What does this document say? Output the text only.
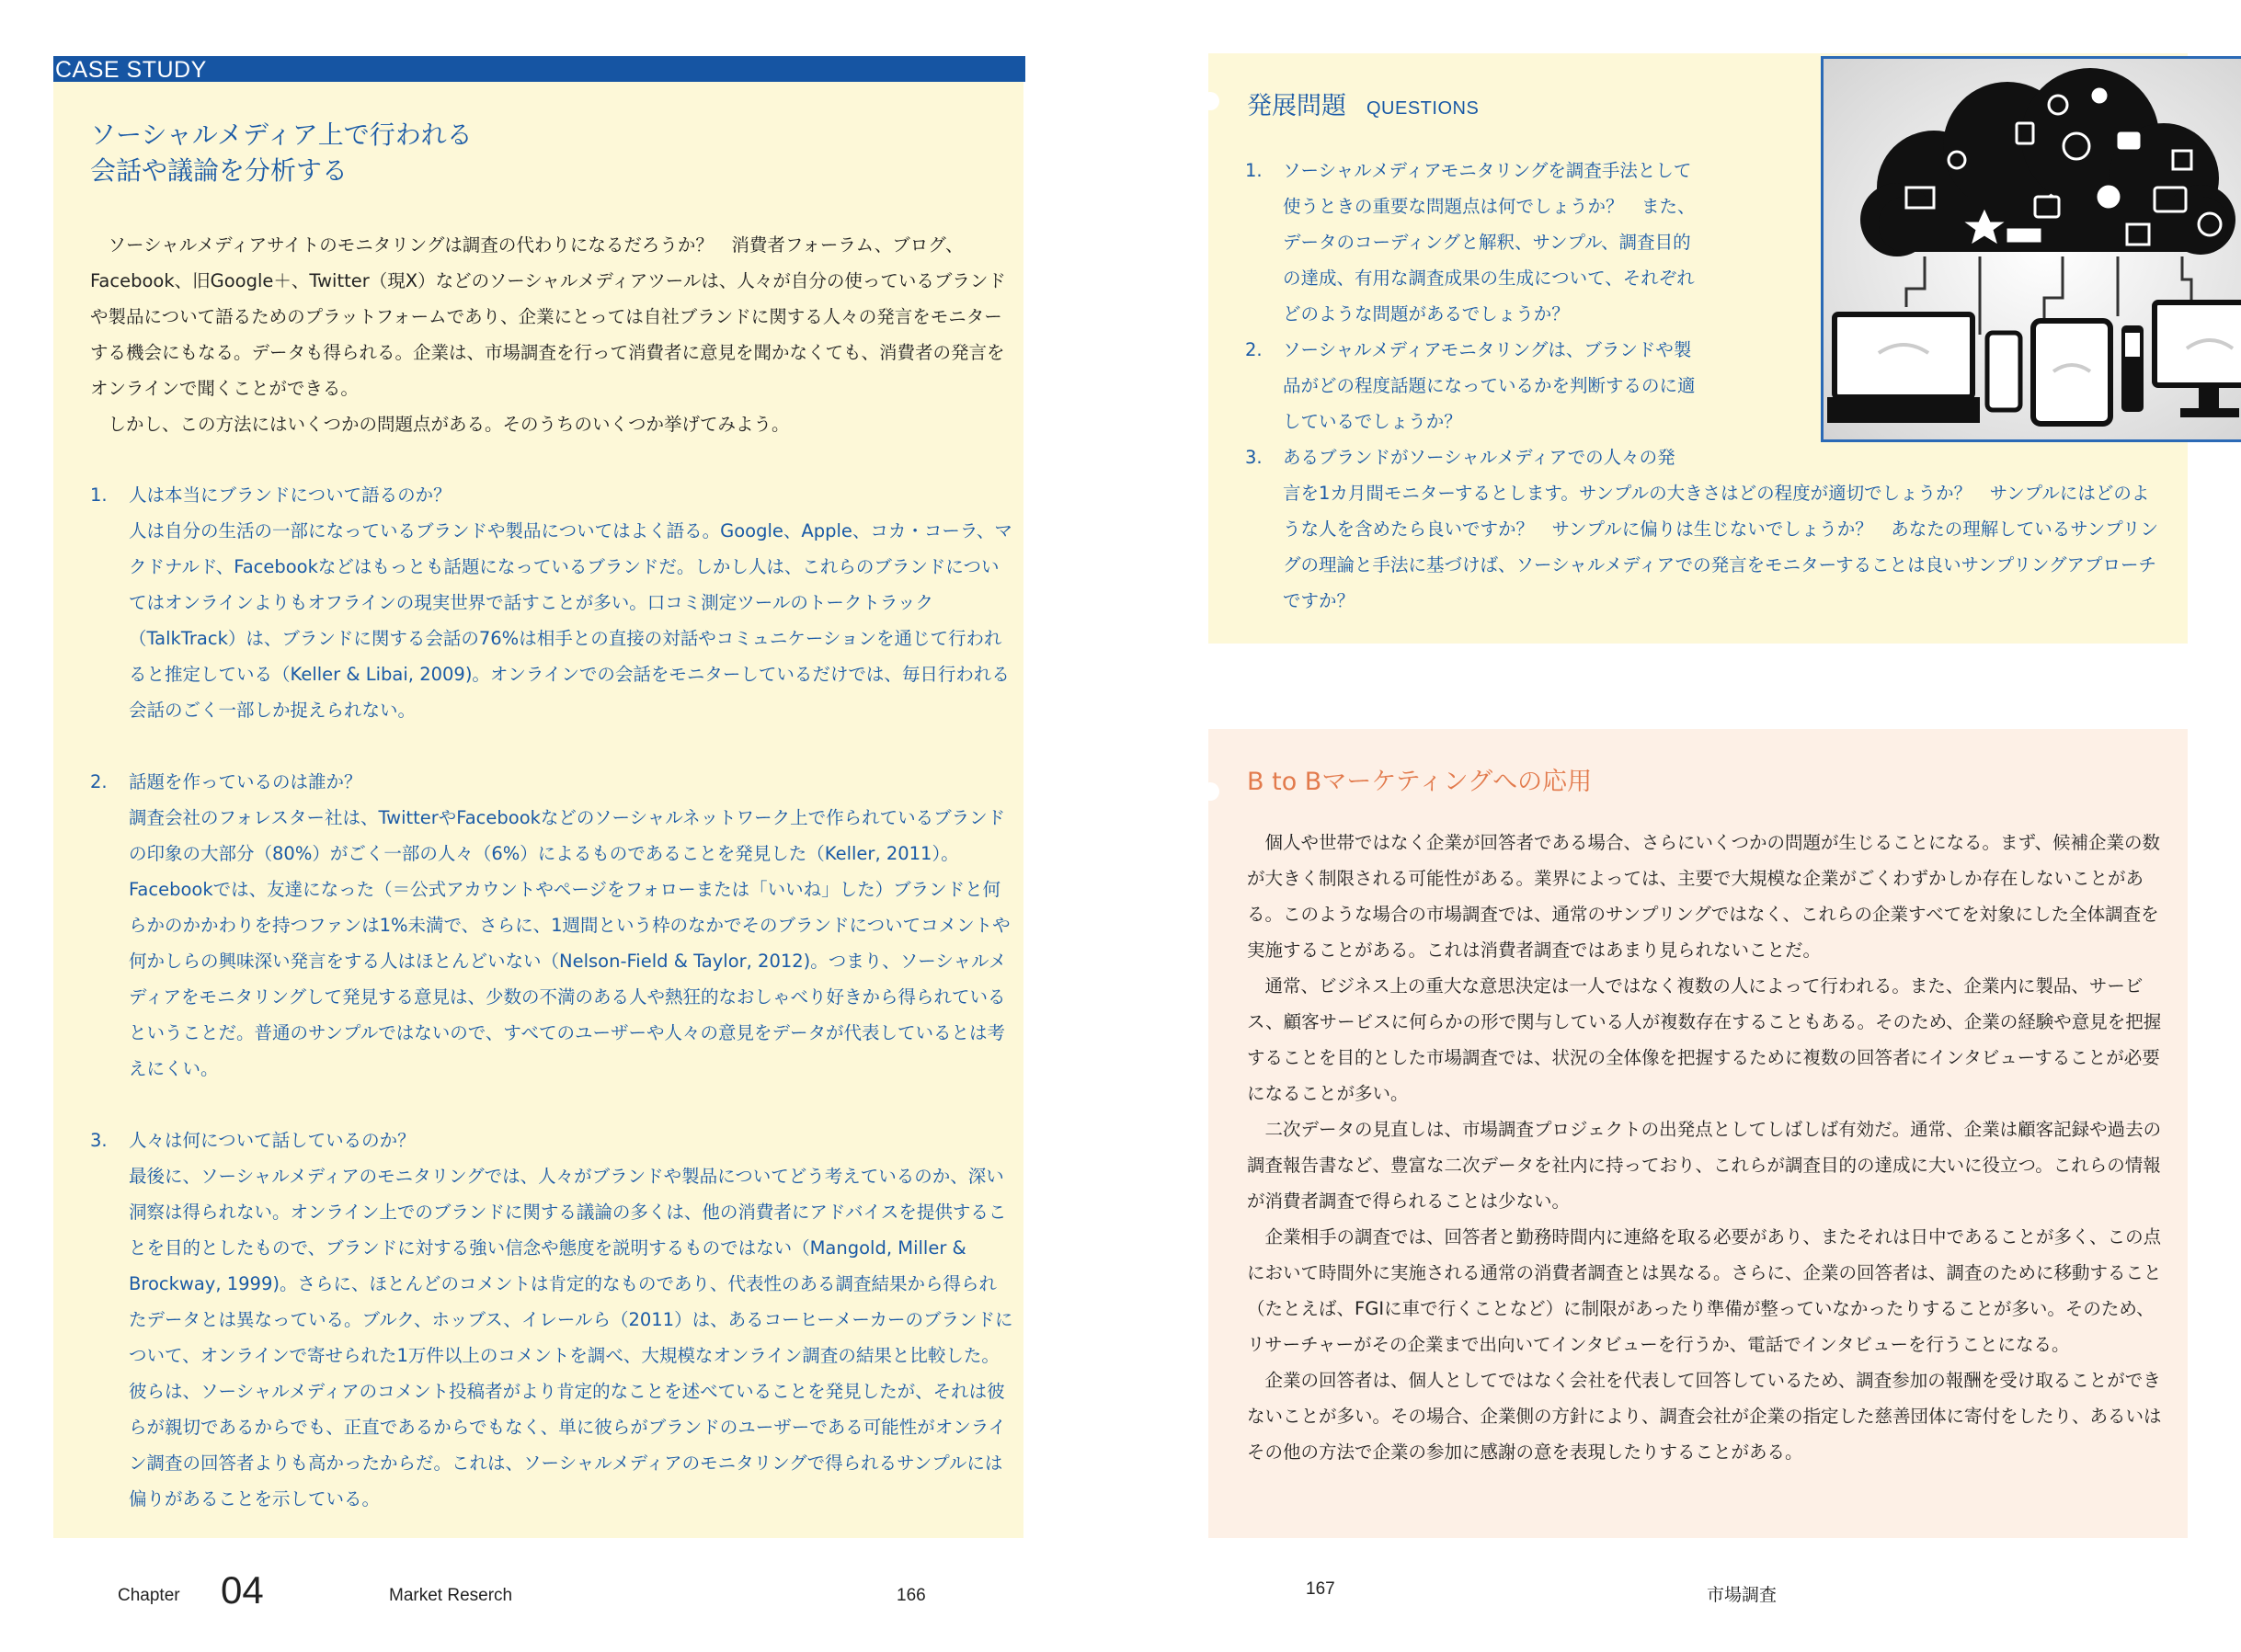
CASE STUDY
ソーシャルメディア上で行われる
会話や議論を分析する

ソーシャルメディアサイトのモニタリングは調査の代わりになるだろうか？　消費者フォーラム、ブログ、Facebook、旧Google＋、Twitter（現X）などのソーシャルメディアツールは、人々が自分の使っているブランドや製品について語るためのプラットフォームであり、企業にとっては自社ブランドに関する人々の発言をモニターする機会にもなる。データも得られる。企業は、市場調査を行って消費者に意見を聞かなくても、消費者の発言をオンラインで聞くことができる。

しかし、この方法にはいくつかの問題点がある。そのうちのいくつか挙げてみよう。

1.	人は本当にブランドについて語るのか？
人は自分の生活の一部になっているブランドや製品についてはよく語る。Google、Apple、コカ・コーラ、マクドナルド、Facebookなどはもっとも話題になっているブランドだ。しかし人は、これらのブランドについてはオンラインよりもオフラインの現実世界で話すことが多い。口コミ測定ツールのトークトラック（TalkTrack）は、ブランドに関する会話の76%は相手との直接の対話やコミュニケーションを通じて行われると推定している（Keller & Libai, 2009)。オンラインでの会話をモニターしているだけでは、毎日行われる会話のごく一部しか捉えられない。
2.	話題を作っているのは誰か？
調査会社のフォレスター社は、TwitterやFacebookなどのソーシャルネットワーク上で作られているブランドの印象の大部分（80%）がごく一部の人々（6%）によるものであることを発見した（Keller, 2011）。Facebookでは、友達になった（＝公式アカウントやページをフォローまたは「いいね」した）ブランドと何らかのかかわりを持つファンは1%未満で、さらに、1週間という枠のなかでそのブランドについてコメントや何かしらの興味深い発言をする人はほとんどいない（Nelson-Field & Taylor, 2012)。つまり、ソーシャルメディアをモニタリングして発見する意見は、少数の不満のある人や熱狂的なおしゃべり好きから得られているということだ。普通のサンプルではないので、すべてのユーザーや人々の意見をデータが代表しているとは考えにくい。
3.	人々は何について話しているのか？
最後に、ソーシャルメディアのモニタリングでは、人々がブランドや製品についてどう考えているのか、深い洞察は得られない。オンライン上でのブランドに関する議論の多くは、他の消費者にアドバイスを提供することを目的としたもので、ブランドに対する強い信念や態度を説明するものではない（Mangold, Miller & Brockway, 1999)。さらに、ほとんどのコメントは肯定的なものであり、代表性のある調査結果から得られたデータとは異なっている。ブルク、ホッブス、イレールら（2011）は、あるコーヒーメーカーのブランドについて、オンラインで寄せられた1万件以上のコメントを調べ、大規模なオンライン調査の結果と比較した。彼らは、ソーシャルメディアのコメント投稿者がより肯定的なことを述べていることを発見したが、それは彼らが親切であるからでも、正直であるからでもなく、単に彼らがブランドのユーザーである可能性がオンライン調査の回答者よりも高かったからだ。これは、ソーシャルメディアのモニタリングで得られるサンプルには偏りがあることを示している。
Chapter 04	Market Reserch	166
発展問題 QUESTIONS
1.	ソーシャルメディアモニタリングを調査手法として使うときの重要な問題点は何でしょうか？　また、データのコーディングと解釈、サンプル、調査目的の達成、有用な調査成果の生成について、それぞれどのような問題があるでしょうか？
2.	ソーシャルメディアモニタリングは、ブランドや製品がどの程度話題になっているかを判断するのに適しているでしょうか？
3. あるブランドがソーシャルメディアでの人々の発
言を1カ月間モニターするとします。サンプルの大きさはどの程度が適切でしょうか？　サンプルにはどのような人を含めたら良いですか？　サンプルに偏りは生じないでしょうか？　あなたの理解しているサンプリングの理論と手法に基づけば、ソーシャルメディアでの発言をモニターすることは良いサンプリングアプローチですか？
B to Bマーケティングへの応用

個人や世帯ではなく企業が回答者である場合、さらにいくつかの問題が生じることになる。まず、候補企業の数が大きく制限される可能性がある。業界によっては、主要で大規模な企業がごくわずかしか存在しないことがある。このような場合の市場調査では、通常のサンプリングではなく、これらの企業すべてを対象にした全体調査を実施することがある。これは消費者調査ではあまり見られないことだ。

通常、ビジネス上の重大な意思決定は一人ではなく複数の人によって行われる。また、企業内に製品、サービス、顧客サービスに何らかの形で関与している人が複数存在することもある。そのため、企業の経験や意見を把握することを目的とした市場調査では、状況の全体像を把握するために複数の回答者にインタビューすることが必要になることが多い。

二次データの見直しは、市場調査プロジェクトの出発点としてしばしば有効だ。通常、企業は顧客記録や過去の調査報告書など、豊富な二次データを社内に持っており、これらが調査目的の達成に大いに役立つ。これらの情報が消費者調査で得られることは少ない。

企業相手の調査では、回答者と勤務時間内に連絡を取る必要があり、またそれは日中であることが多く、この点において時間外に実施される通常の消費者調査とは異なる。さらに、企業の回答者は、調査のために移動すること（たとえば、FGIに車で行くことなど）に制限があったり準備が整っていなかったりすることが多い。そのため、リサーチャーがその企業まで出向いてインタビューを行うか、電話でインタビューを行うことになる。

企業の回答者は、個人としてではなく会社を代表して回答しているため、調査参加の報酬を受け取ることができないことが多い。その場合、企業側の方針により、調査会社が企業の指定した慈善団体に寄付をしたり、あるいはその他の方法で企業の参加に感謝の意を表現したりすることがある。

167	市場調査
